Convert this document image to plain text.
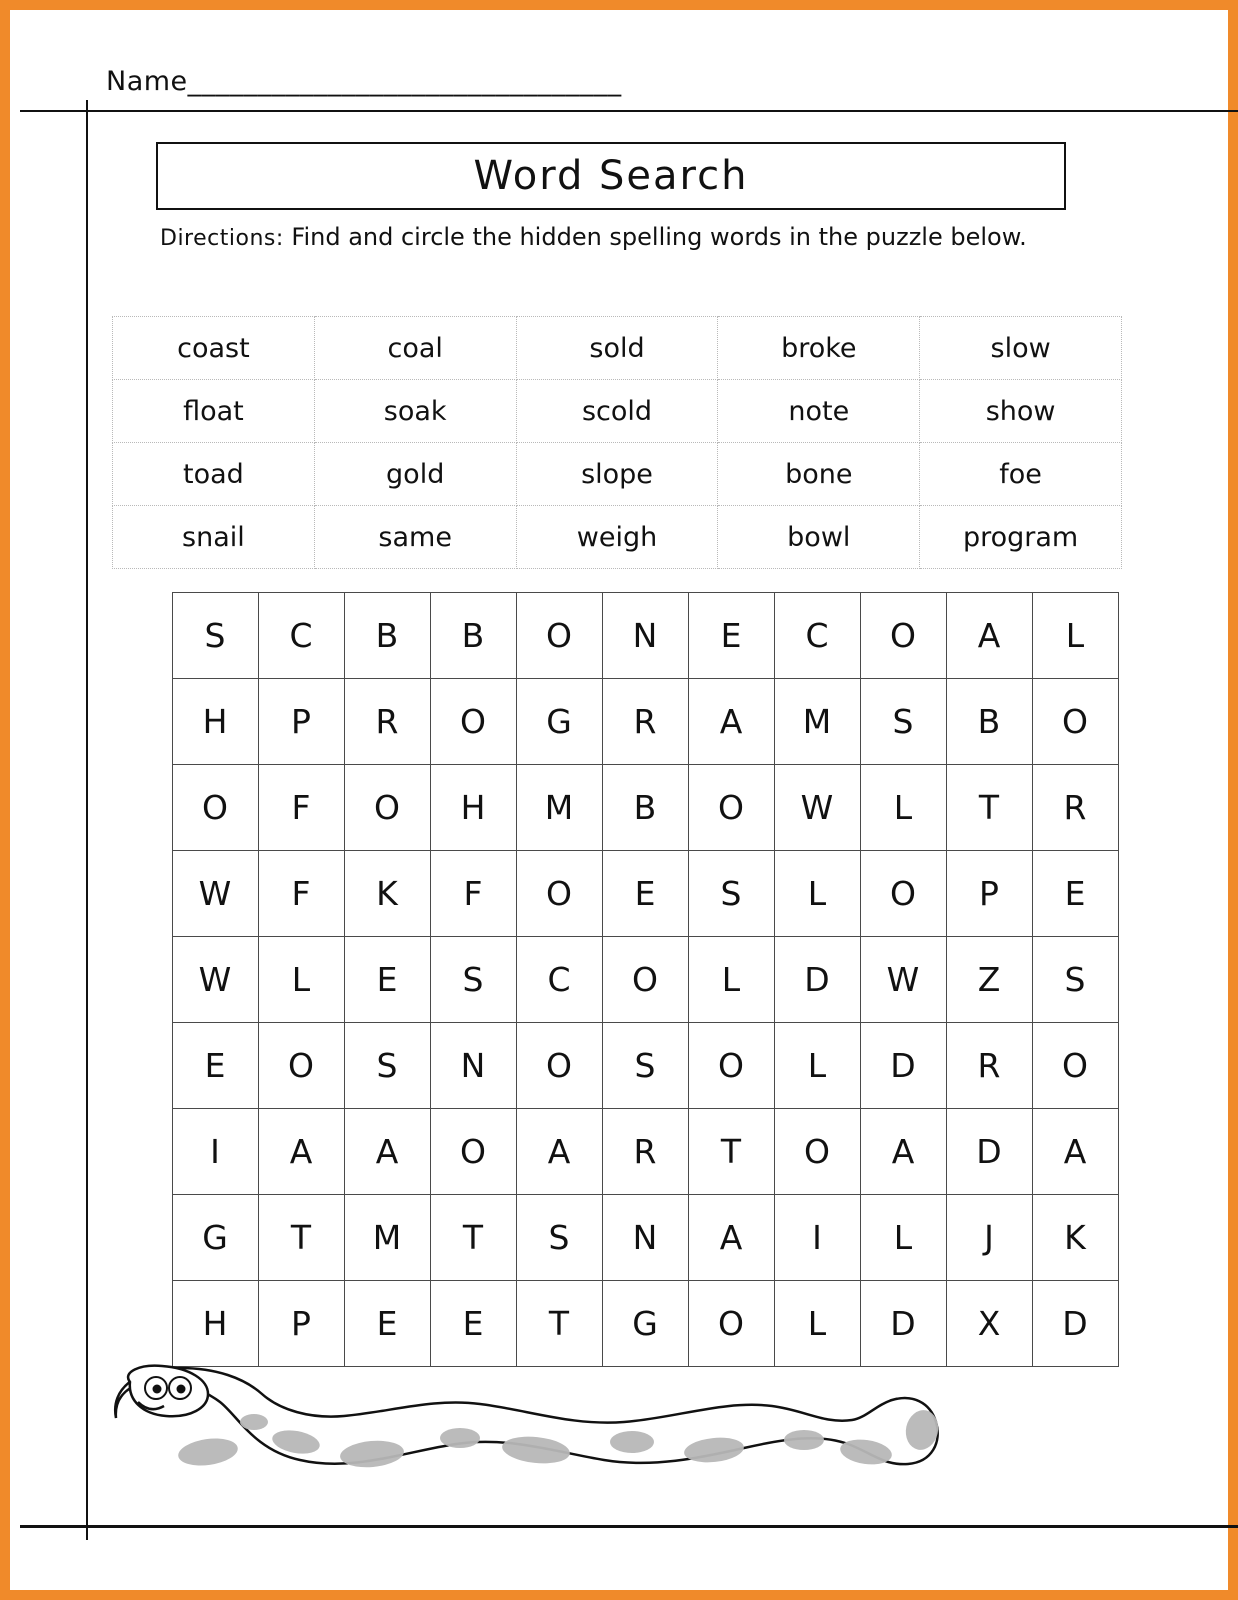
Name_______________________________
Word Search
Directions: Find and circle the hidden spelling words in the puzzle below.
coast	coal	sold	broke	slow
float	soak	scold	note	show
toad	gold	slope	bone	foe
snail	same	weigh	bowl	program
S	C	B	B	O	N	E	C	O	A	L
H	P	R	O	G	R	A	M	S	B	O
O	F	O	H	M	B	O	W	L	T	R
W	F	K	F	O	E	S	L	O	P	E
W	L	E	S	C	O	L	D	W	Z	S
E	O	S	N	O	S	O	L	D	R	O
I	A	A	O	A	R	T	O	A	D	A
G	T	M	T	S	N	A	I	L	J	K
H	P	E	E	T	G	O	L	D	X	D
